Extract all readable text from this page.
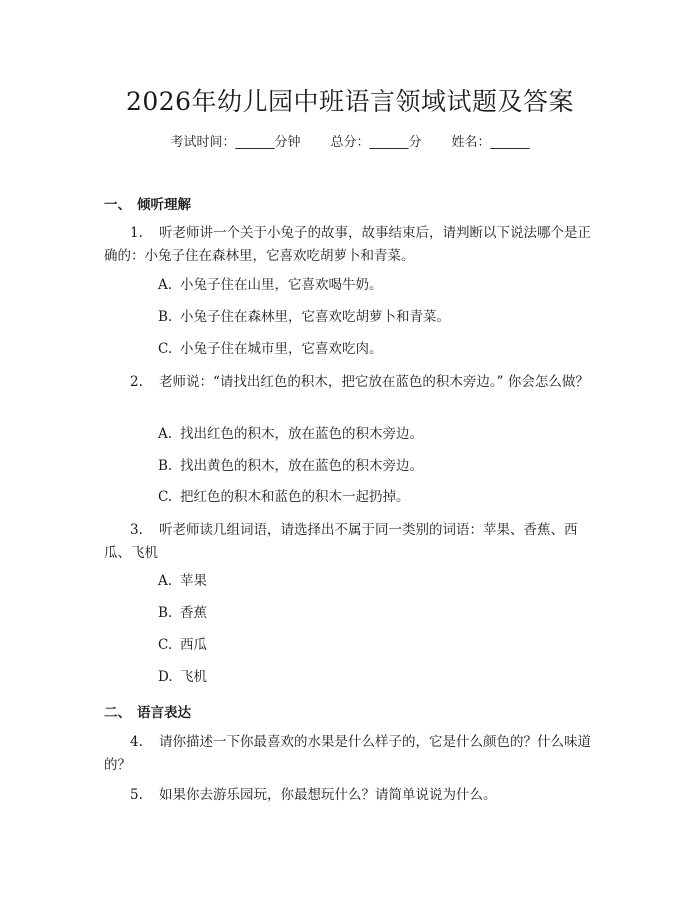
2026年幼儿园中班语言领域试题及答案
考试时间：______分钟 总分：______分 姓名：______
一、 倾听理解
1. 听老师讲一个关于小兔子的故事，故事结束后，请判断以下说法哪个是正确的：小兔子住在森林里，它喜欢吃胡萝卜和青菜。
A. 小兔子住在山里，它喜欢喝牛奶。
B. 小兔子住在森林里，它喜欢吃胡萝卜和青菜。
C. 小兔子住在城市里，它喜欢吃肉。
2. 老师说：“请找出红色的积木，把它放在蓝色的积木旁边。” 你会怎么做？
A. 找出红色的积木，放在蓝色的积木旁边。
B. 找出黄色的积木，放在蓝色的积木旁边。
C. 把红色的积木和蓝色的积木一起扔掉。
3. 听老师读几组词语，请选择出不属于同一类别的词语：苹果、香蕉、西瓜、飞机
A. 苹果
B. 香蕉
C. 西瓜
D. 飞机
二、 语言表达
4. 请你描述一下你最喜欢的水果是什么样子的，它是什么颜色的？什么味道的？
5. 如果你去游乐园玩，你最想玩什么？请简单说说为什么。
